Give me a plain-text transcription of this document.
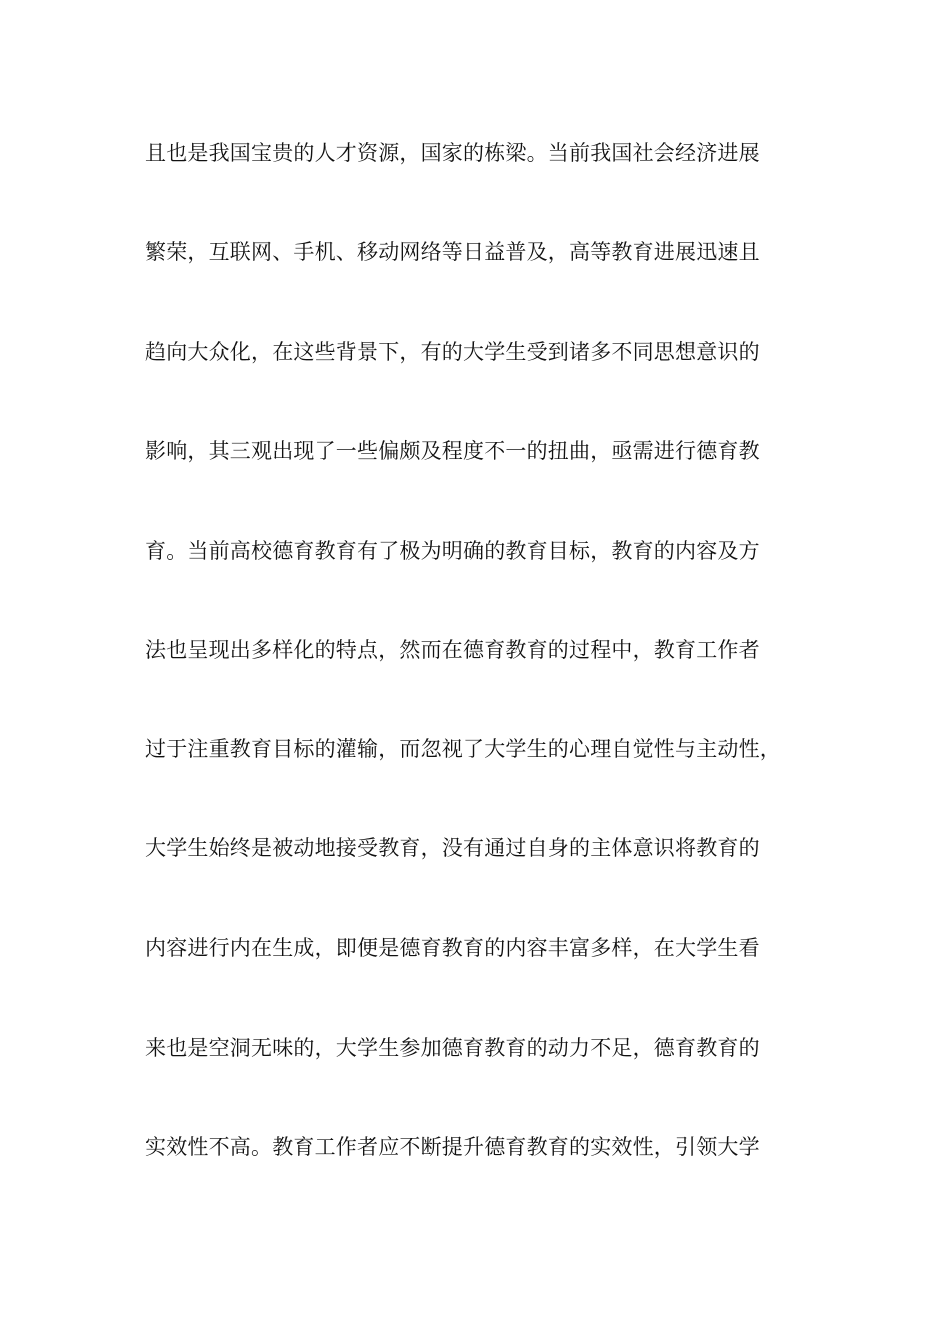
且也是我国宝贵的人才资源，国家的栋梁。当前我国社会经济进展
繁荣，互联网、手机、移动网络等日益普及，高等教育进展迅速且
趋向大众化，在这些背景下，有的大学生受到诸多不同思想意识的
影响，其三观出现了一些偏颇及程度不一的扭曲，亟需进行德育教
育。当前高校德育教育有了极为明确的教育目标，教育的内容及方
法也呈现出多样化的特点，然而在德育教育的过程中，教育工作者
过于注重教育目标的灌输，而忽视了大学生的心理自觉性与主动性，
大学生始终是被动地接受教育，没有通过自身的主体意识将教育的
内容进行内在生成，即便是德育教育的内容丰富多样，在大学生看
来也是空洞无味的，大学生参加德育教育的动力不足，德育教育的
实效性不高。教育工作者应不断提升德育教育的实效性，引领大学
